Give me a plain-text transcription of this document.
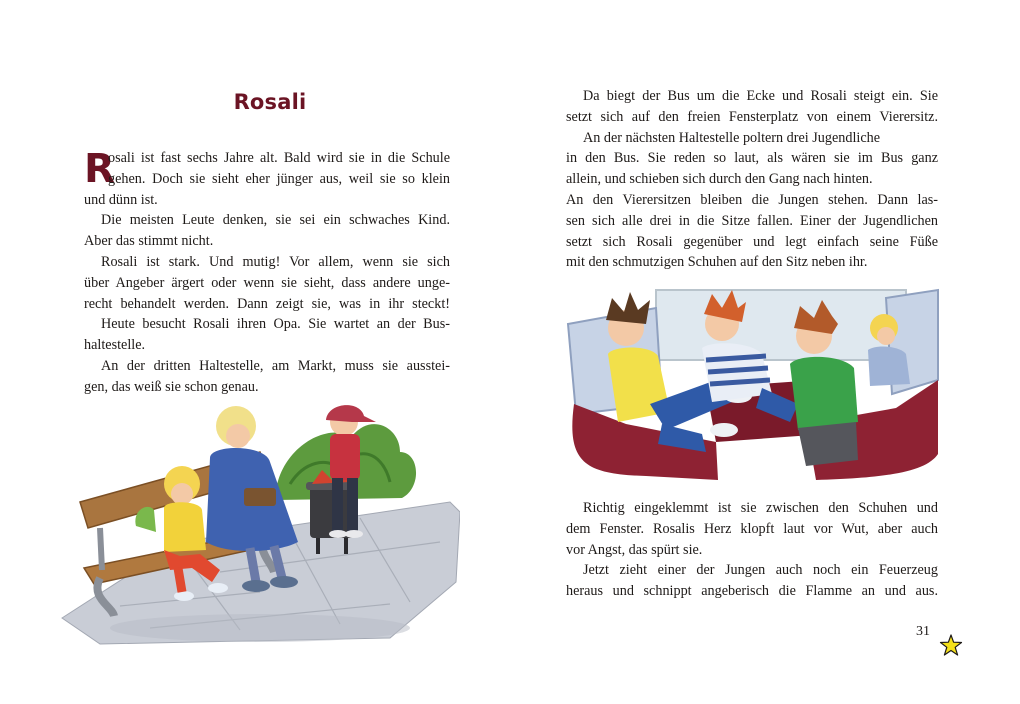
Rosali
R
osali ist fast sechs Jahre alt. Bald wird sie in die Schule
gehen. Doch sie sieht eher jünger aus, weil sie so klein
und dünn ist.
Die meisten Leute denken, sie sei ein schwaches Kind.
Aber das stimmt nicht.
Rosali ist stark. Und mutig! Vor allem, wenn sie sich
über Angeber ärgert oder wenn sie sieht, dass andere unge-
recht behandelt werden. Dann zeigt sie, was in ihr steckt!
Heute besucht Rosali ihren Opa. Sie wartet an der Bus-
haltestelle.
An der dritten Haltestelle, am Markt, muss sie ausstei-
gen, das weiß sie schon genau.
Da biegt der Bus um die Ecke und Rosali steigt ein. Sie
setzt sich auf den freien Fensterplatz von einem Vierersitz.
An der nächsten Haltestelle poltern drei Jugendliche
in den Bus. Sie reden so laut, als wären sie im Bus ganz
allein, und schieben sich durch den Gang nach hinten.
An den Vierersitzen bleiben die Jungen stehen. Dann las-
sen sich alle drei in die Sitze fallen. Einer der Jugendlichen
setzt sich Rosali gegenüber und legt einfach seine Füße
mit den schmutzigen Schuhen auf den Sitz neben ihr.
Richtig eingeklemmt ist sie zwischen den Schuhen und
dem Fenster. Rosalis Herz klopft laut vor Wut, aber auch
vor Angst, das spürt sie.
Jetzt zieht einer der Jungen auch noch ein Feuerzeug
heraus und schnippt angeberisch die Flamme an und aus.
31
